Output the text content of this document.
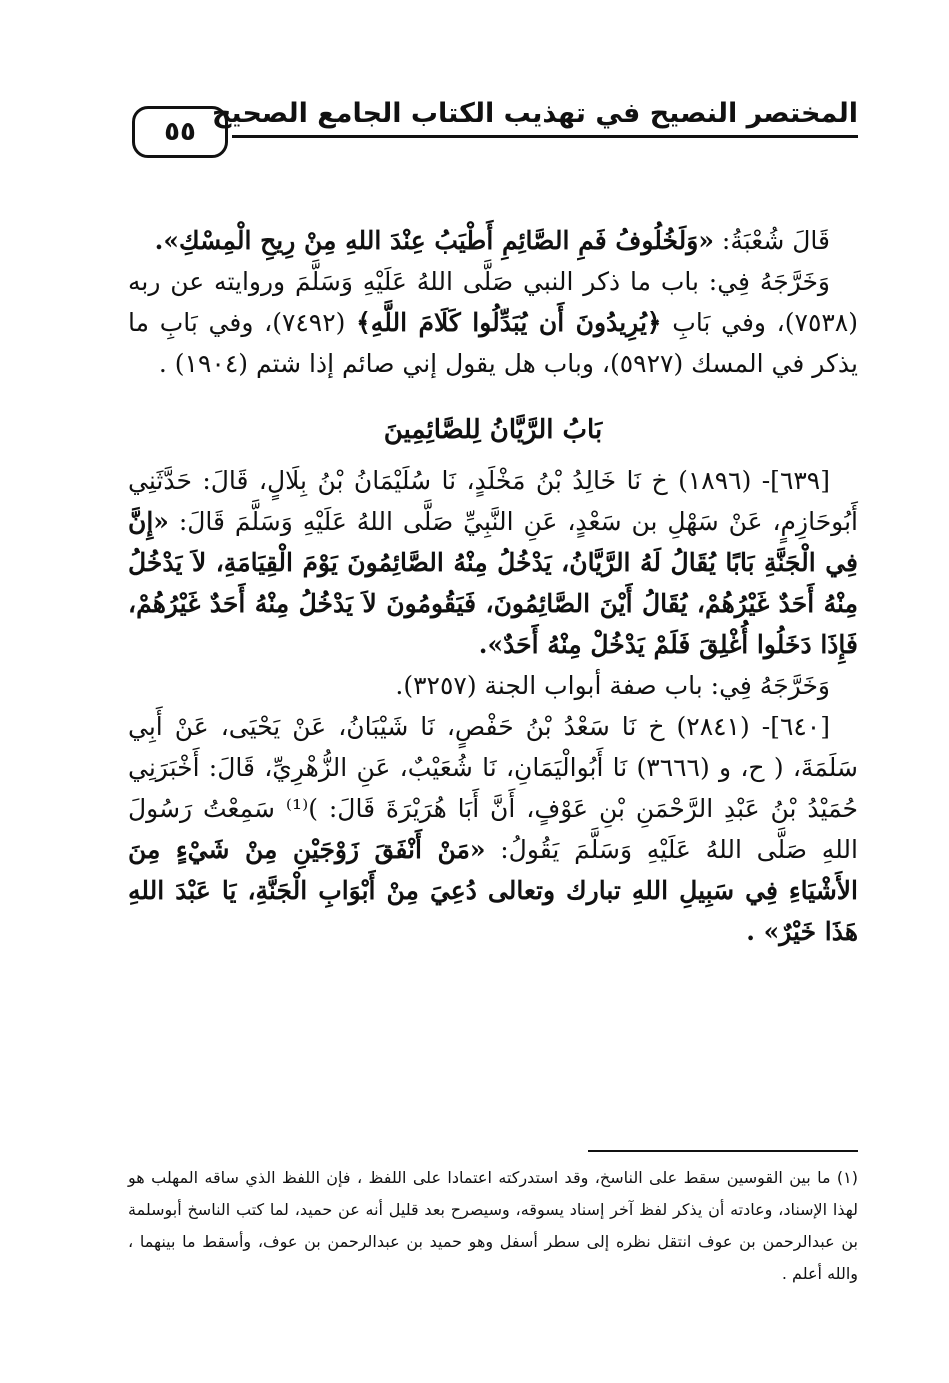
المختصر النصيح في تهذيب الكتاب الجامع الصحيح
٥٥

قَالَ شُعْبَةُ: «وَلَخُلُوفُ فَمِ الصَّائِمِ أَطْيَبُ عِنْدَ اللهِ مِنْ رِيحِ الْمِسْكِ».

وَخَرَّجَهُ فِي: باب ما ذكر النبي صَلَّى اللهُ عَلَيْهِ وَسَلَّمَ وروايته عن ربه (٧٥٣٨)، وفي بَابِ ﴿يُرِيدُونَ أَن يُبَدِّلُوا كَلَامَ اللَّهِ﴾ (٧٤٩٢)، وفي بَابِ ما يذكر في المسك (٥٩٢٧)، وباب هل يقول إني صائم إذا شتم (١٩٠٤) .

بَابُ الرَّيَّانُ لِلصَّائِمِينَ

[٦٣٩]- (١٨٩٦) خ نَا خَالِدُ بْنُ مَخْلَدٍ، نَا سُلَيْمَانُ بْنُ بِلَالٍ، قَالَ: حَدَّثَنِي أَبُوحَازِمٍ، عَنْ سَهْلِ بن سَعْدٍ، عَنِ النَّبِيِّ صَلَّى اللهُ عَلَيْهِ وَسَلَّمَ قَالَ: «إِنَّ فِي الْجَنَّةِ بَابًا يُقَالُ لَهُ الرَّيَّانُ، يَدْخُلُ مِنْهُ الصَّائِمُونَ يَوْمَ الْقِيَامَةِ، لاَ يَدْخُلُ مِنْهُ أَحَدٌ غَيْرُهُمْ، يُقَالُ أَيْنَ الصَّائِمُونَ، فَيَقُومُونَ لاَ يَدْخُلُ مِنْهُ أَحَدٌ غَيْرُهُمْ، فَإِذَا دَخَلُوا أُغْلِقَ فَلَمْ يَدْخُلْ مِنْهُ أَحَدٌ».

وَخَرَّجَهُ فِي: باب صفة أبواب الجنة (٣٢٥٧).

[٦٤٠]- (٢٨٤١) خ نَا سَعْدُ بْنُ حَفْصٍ، نَا شَيْبَانُ، عَنْ يَحْيَى، عَنْ أَبِي سَلَمَةَ، ( ح، و (٣٦٦٦) نَا أَبُوالْيَمَانِ، نَا شُعَيْبٌ، عَنِ الزُّهْرِيِّ، قَالَ: أَخْبَرَنِي حُمَيْدُ بْنُ عَبْدِ الرَّحْمَنِ بْنِ عَوْفٍ، أَنَّ أَبَا هُرَيْرَةَ قَالَ: )⁽¹⁾ سَمِعْتُ رَسُولَ اللهِ صَلَّى اللهُ عَلَيْهِ وَسَلَّمَ يَقُولُ: «مَنْ أَنْفَقَ زَوْجَيْنِ مِنْ شَيْءٍ مِنَ الأَشْيَاءِ فِي سَبِيلِ اللهِ تبارك وتعالى دُعِيَ مِنْ أَبْوَابِ الْجَنَّةِ، يَا عَبْدَ اللهِ هَذَا خَيْرٌ» .

(١) ما بين القوسين سقط على الناسخ، وقد استدركته اعتمادا على اللفظ ، فإن اللفظ الذي ساقه المهلب هو لهذا الإسناد، وعادته أن يذكر لفظ آخر إسناد يسوقه، وسيصرح بعد قليل أنه عن حميد، لما كتب الناسخ أبوسلمة بن عبدالرحمن بن عوف انتقل نظره إلى سطر أسفل وهو حميد بن عبدالرحمن بن عوف، وأسقط ما بينهما ، والله أعلم .
